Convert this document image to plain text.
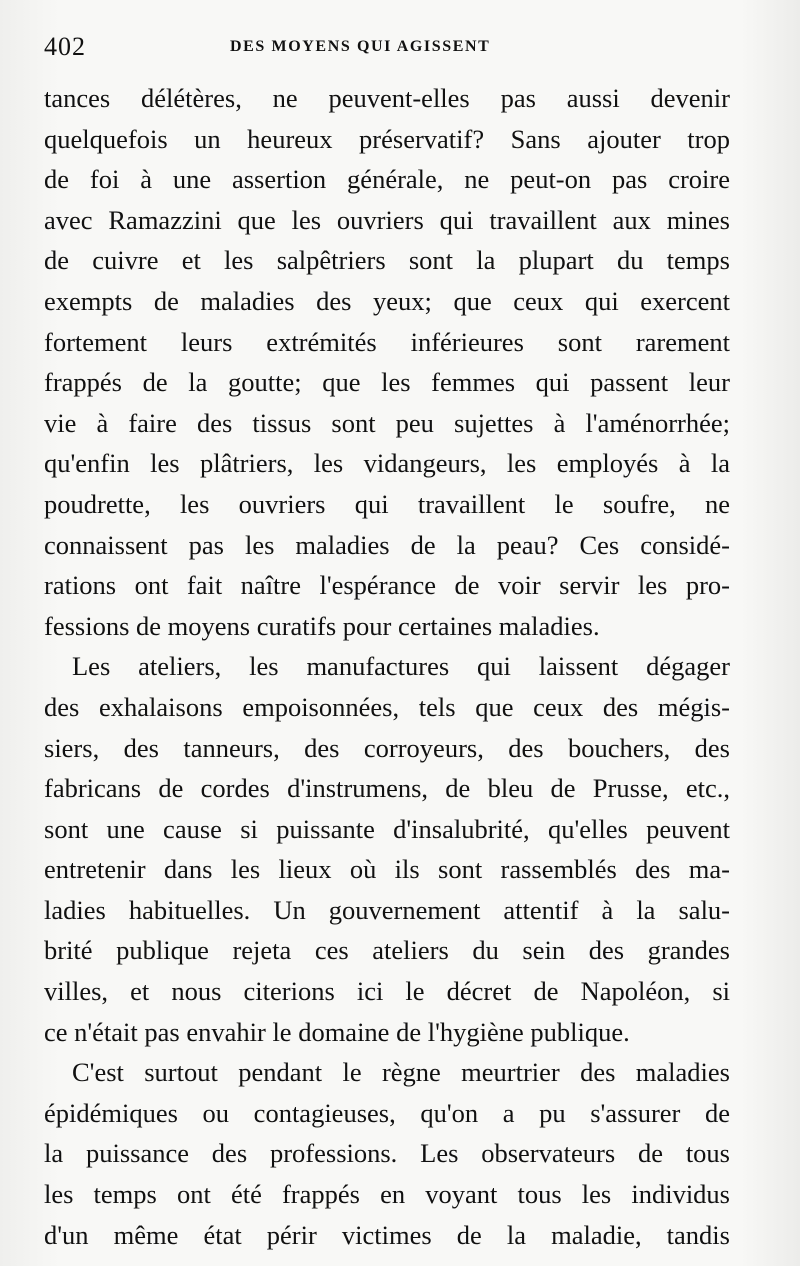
402	DES MOYENS QUI AGISSENT
tances délétères, ne peuvent-elles pas aussi devenir
quelquefois un heureux préservatif? Sans ajouter trop
de foi à une assertion générale, ne peut-on pas croire
avec Ramazzini que les ouvriers qui travaillent aux mines
de cuivre et les salpêtriers sont la plupart du temps
exempts de maladies des yeux; que ceux qui exercent
fortement leurs extrémités inférieures sont rarement
frappés de la goutte; que les femmes qui passent leur
vie à faire des tissus sont peu sujettes à l'aménorrhée;
qu'enfin les plâtriers, les vidangeurs, les employés à la
poudrette, les ouvriers qui travaillent le soufre, ne
connaissent pas les maladies de la peau? Ces considé-
rations ont fait naître l'espérance de voir servir les pro-
fessions de moyens curatifs pour certaines maladies.
Les ateliers, les manufactures qui laissent dégager
des exhalaisons empoisonnées, tels que ceux des mégis-
siers, des tanneurs, des corroyeurs, des bouchers, des
fabricans de cordes d'instrumens, de bleu de Prusse, etc.,
sont une cause si puissante d'insalubrité, qu'elles peuvent
entretenir dans les lieux où ils sont rassemblés des ma-
ladies habituelles. Un gouvernement attentif à la salu-
brité publique rejeta ces ateliers du sein des grandes
villes, et nous citerions ici le décret de Napoléon, si
ce n'était pas envahir le domaine de l'hygiène publique.
C'est surtout pendant le règne meurtrier des maladies
épidémiques ou contagieuses, qu'on a pu s'assurer de
la puissance des professions. Les observateurs de tous
les temps ont été frappés en voyant tous les individus
d'un même état périr victimes de la maladie, tandis
